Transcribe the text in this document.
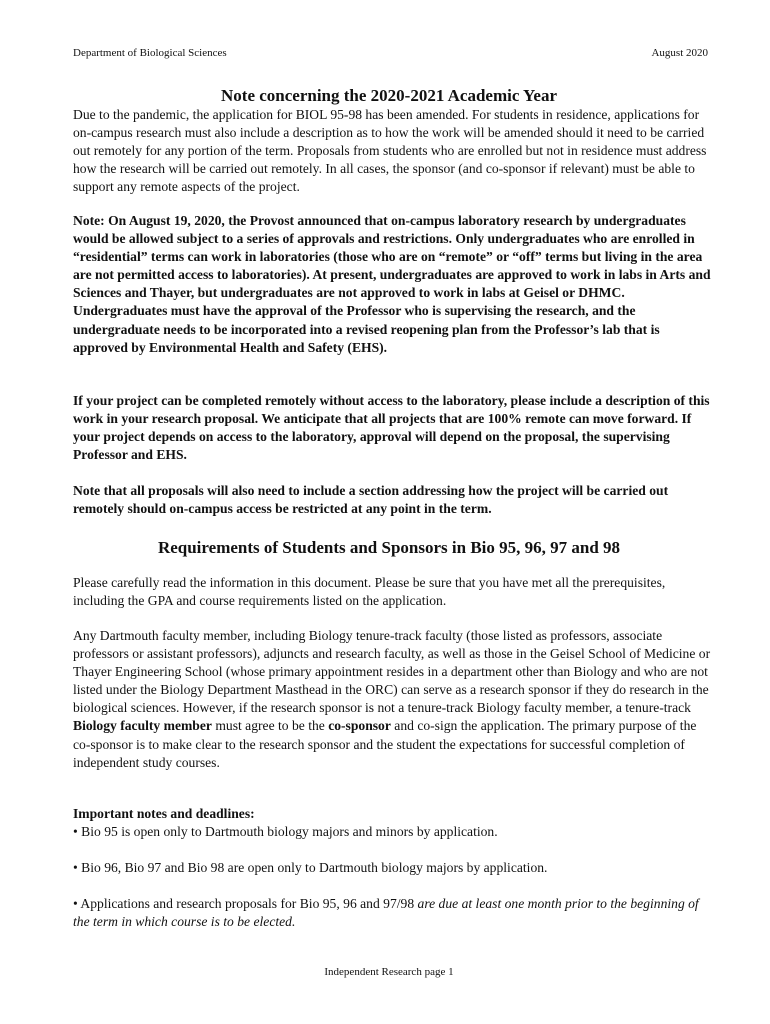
Department of Biological Sciences	August 2020
Note concerning the 2020-2021 Academic Year

Due to the pandemic, the application for BIOL 95-98 has been amended. For students in residence, applications for on-campus research must also include a description as to how the work will be amended should it need to be carried out remotely for any portion of the term. Proposals from students who are enrolled but not in residence must address how the research will be carried out remotely. In all cases, the sponsor (and co-sponsor if relevant) must be able to support any remote aspects of the project.

Note: On August 19, 2020, the Provost announced that on-campus laboratory research by undergraduates would be allowed subject to a series of approvals and restrictions. Only undergraduates who are enrolled in “residential” terms can work in laboratories (those who are on “remote” or “off” terms but living in the area are not permitted access to laboratories). At present, undergraduates are approved to work in labs in Arts and Sciences and Thayer, but undergraduates are not approved to work in labs at Geisel or DHMC. Undergraduates must have the approval of the Professor who is supervising the research, and the undergraduate needs to be incorporated into a revised reopening plan from the Professor’s lab that is approved by Environmental Health and Safety (EHS).

If your project can be completed remotely without access to the laboratory, please include a description of this work in your research proposal. We anticipate that all projects that are 100% remote can move forward. If your project depends on access to the laboratory, approval will depend on the proposal, the supervising Professor and EHS.

Note that all proposals will also need to include a section addressing how the project will be carried out remotely should on-campus access be restricted at any point in the term.

Requirements of Students and Sponsors in Bio 95, 96, 97 and 98

Please carefully read the information in this document. Please be sure that you have met all the prerequisites, including the GPA and course requirements listed on the application.

Any Dartmouth faculty member, including Biology tenure-track faculty (those listed as professors, associate professors or assistant professors), adjuncts and research faculty, as well as those in the Geisel School of Medicine or Thayer Engineering School (whose primary appointment resides in a department other than Biology and who are not listed under the Biology Department Masthead in the ORC) can serve as a research sponsor if they do research in the biological sciences. However, if the research sponsor is not a tenure-track Biology faculty member, a tenure-track Biology faculty member must agree to be the co-sponsor and co-sign the application. The primary purpose of the co-sponsor is to make clear to the research sponsor and the student the expectations for successful completion of independent study courses.

Important notes and deadlines:

• Bio 95 is open only to Dartmouth biology majors and minors by application.

• Bio 96, Bio 97 and Bio 98 are open only to Dartmouth biology majors by application.

• Applications and research proposals for Bio 95, 96 and 97/98 are due at least one month prior to the beginning of the term in which course is to be elected.

Independent Research page 1
